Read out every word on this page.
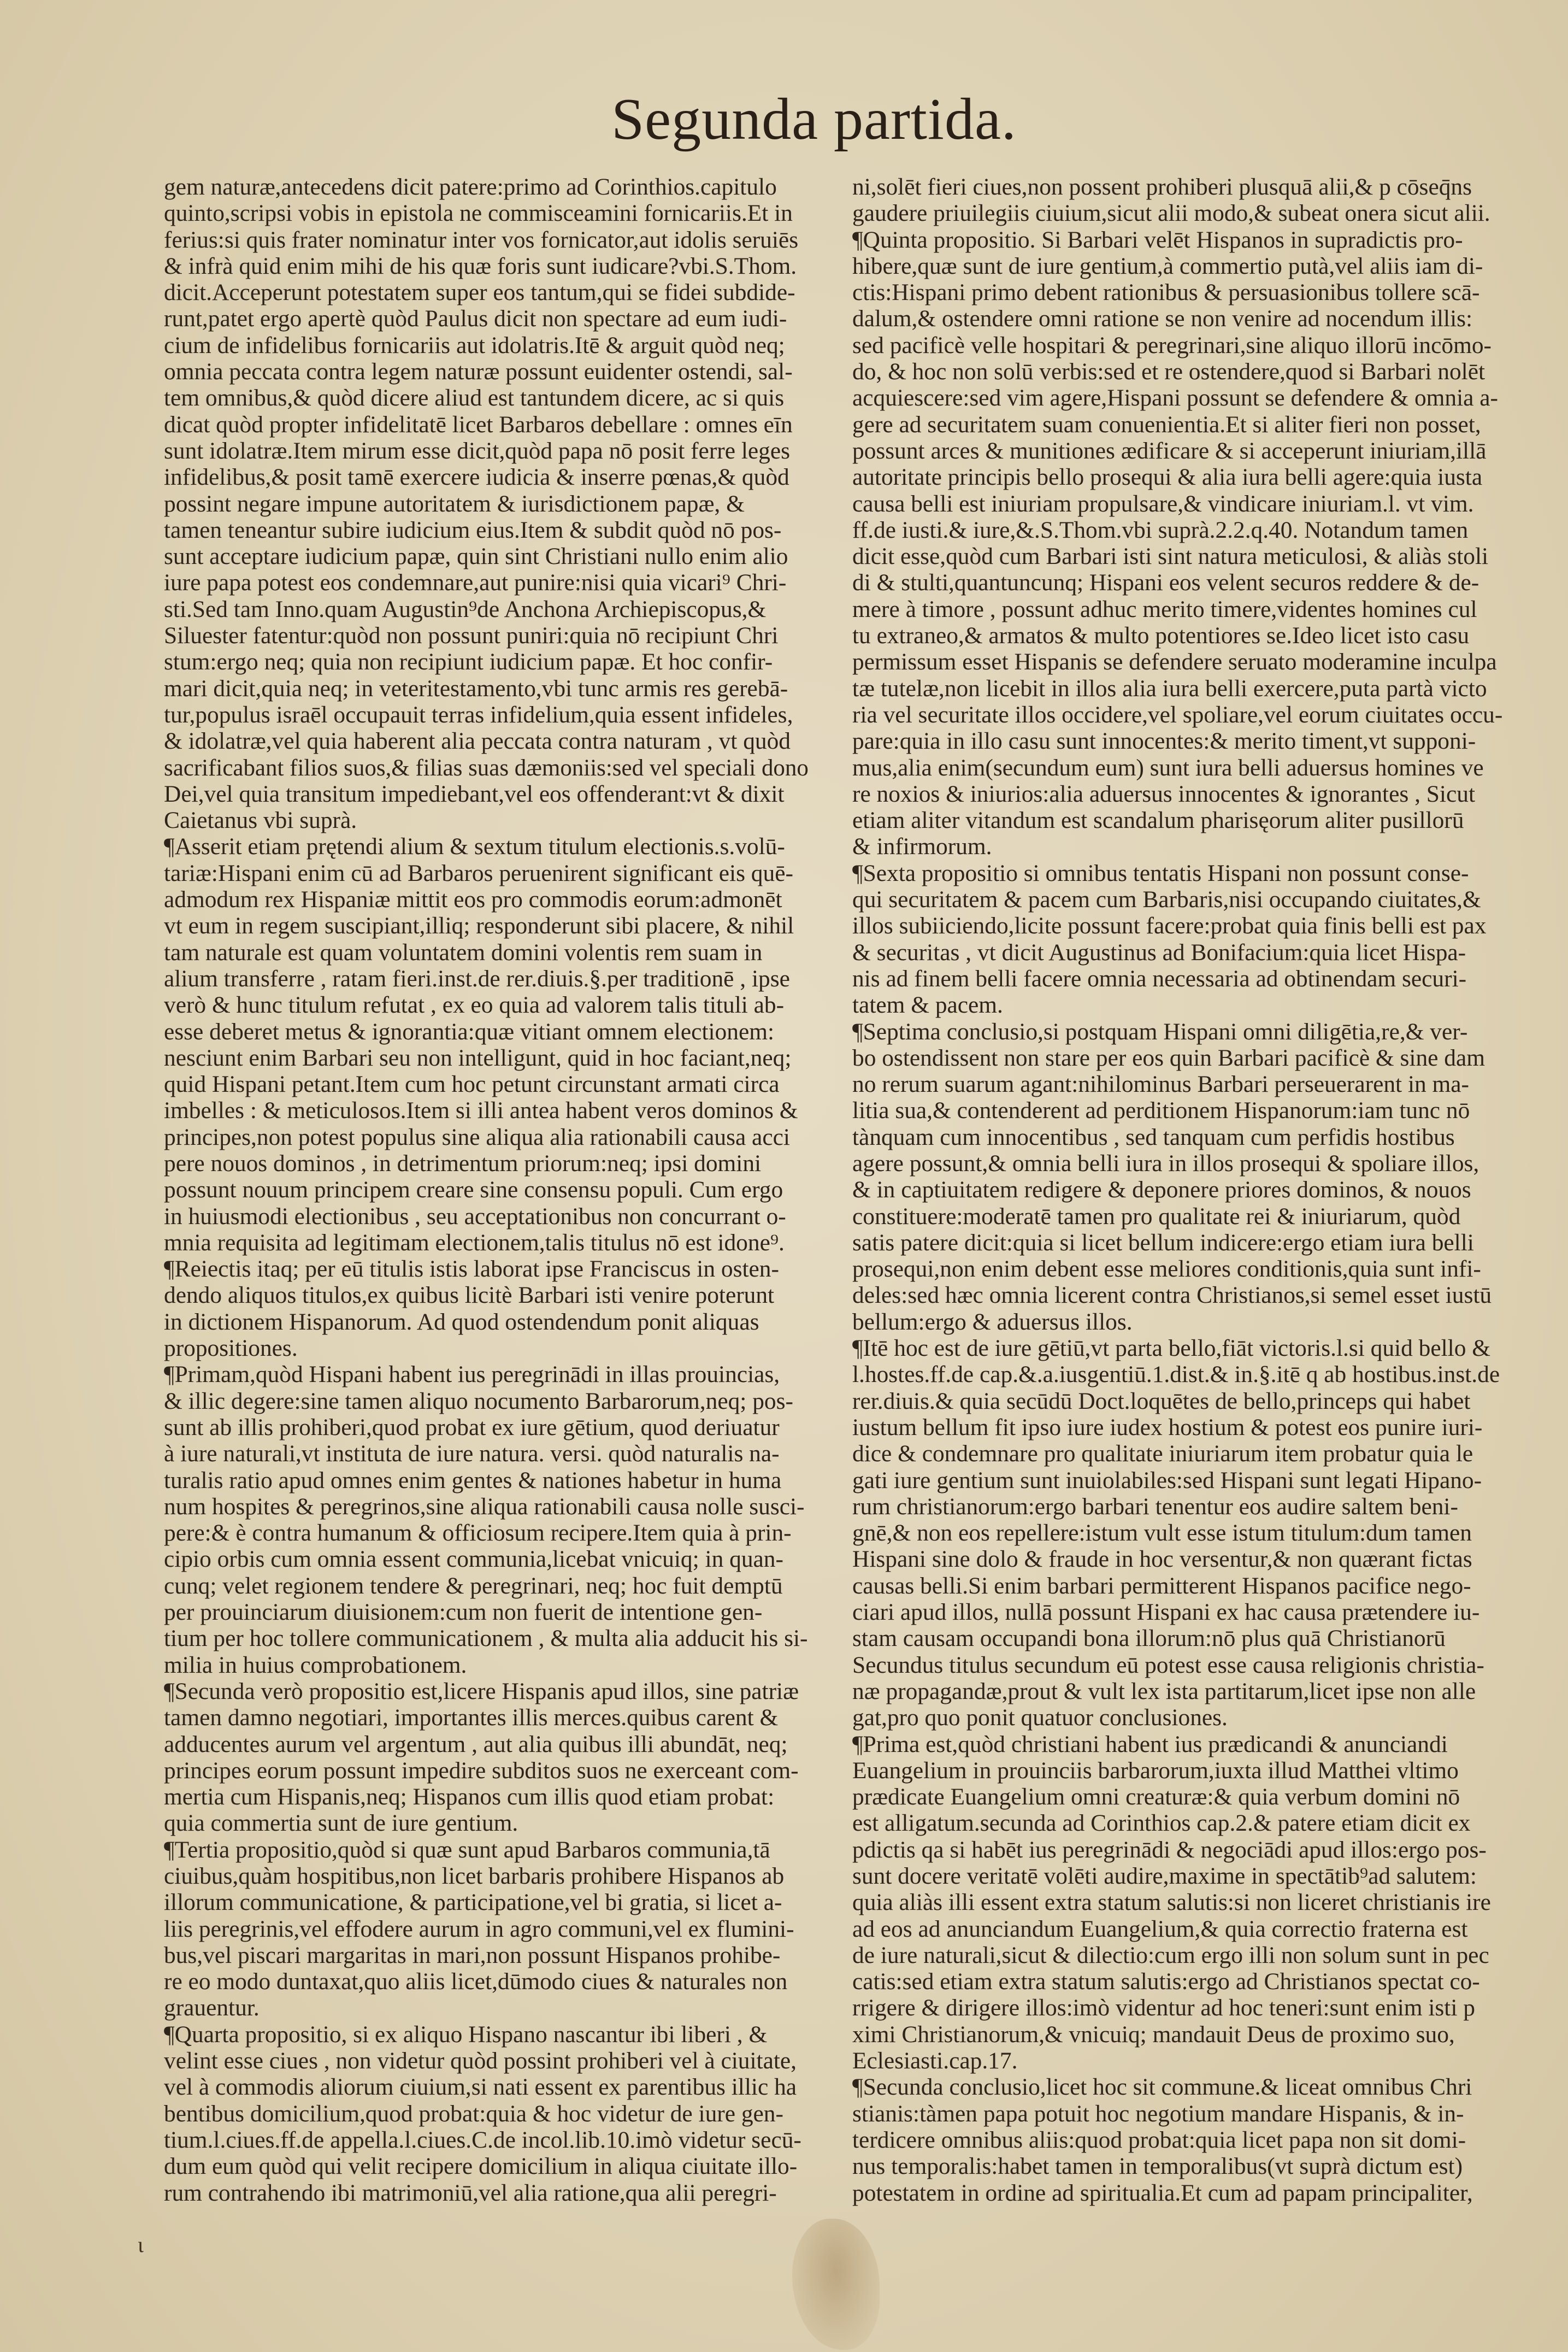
Segunda partida.
gem naturæ,antecedens dicit patere:primo ad Corinthios.capitulo
quinto,scripsi vobis in epistola ne commisceamini fornicariis.Et in
ferius:si quis frater nominatur inter vos fornicator,aut idolis seruiēs
& infrà quid enim mihi de his quæ foris sunt iudicare?vbi.S.Thom.
dicit.Acceperunt potestatem super eos tantum,qui se fidei subdide-
runt,patet ergo apertè quòd Paulus dicit non spectare ad eum iudi-
cium de infidelibus fornicariis aut idolatris.Itē & arguit quòd neq;
omnia peccata contra legem naturæ possunt euidenter ostendi, sal-
tem omnibus,& quòd dicere aliud est tantundem dicere, ac si quis
dicat quòd propter infidelitatē licet Barbaros debellare : omnes eīn
sunt idolatræ.Item mirum esse dicit,quòd papa nō posit ferre leges
infidelibus,& posit tamē exercere iudicia & inserre pœnas,& quòd
possint negare impune autoritatem & iurisdictionem papæ, &
tamen teneantur subire iudicium eius.Item & subdit quòd nō pos-
sunt acceptare iudicium papæ, quin sint Christiani nullo enim alio
iure papa potest eos condemnare,aut punire:nisi quia vicari⁹ Chri-
sti.Sed tam Inno.quam Augustin⁹de Anchona Archiepiscopus,&
Siluester fatentur:quòd non possunt puniri:quia nō recipiunt Chri
stum:ergo neq; quia non recipiunt iudicium papæ. Et hoc confir-
mari dicit,quia neq; in veteritestamento,vbi tunc armis res gerebā-
tur,populus israēl occupauit terras infidelium,quia essent infideles,
& idolatræ,vel quia haberent alia peccata contra naturam , vt quòd
sacrificabant filios suos,& filias suas dæmoniis:sed vel speciali dono
Dei,vel quia transitum impediebant,vel eos offenderant:vt & dixit
Caietanus vbi suprà.
¶Asserit etiam prętendi alium & sextum titulum electionis.s.volū-
tariæ:Hispani enim cū ad Barbaros peruenirent significant eis quē-
admodum rex Hispaniæ mittit eos pro commodis eorum:admonēt
vt eum in regem suscipiant,illiq; responderunt sibi placere, & nihil
tam naturale est quam voluntatem domini volentis rem suam in
alium transferre , ratam fieri.inst.de rer.diuis.§.per traditionē , ipse
verò & hunc titulum refutat , ex eo quia ad valorem talis tituli ab-
esse deberet metus & ignorantia:quæ vitiant omnem electionem:
nesciunt enim Barbari seu non intelligunt, quid in hoc faciant,neq;
quid Hispani petant.Item cum hoc petunt circunstant armati circa
imbelles : & meticulosos.Item si illi antea habent veros dominos &
principes,non potest populus sine aliqua alia rationabili causa acci
pere nouos dominos , in detrimentum priorum:neq; ipsi domini
possunt nouum principem creare sine consensu populi. Cum ergo
in huiusmodi electionibus , seu acceptationibus non concurrant o-
mnia requisita ad legitimam electionem,talis titulus nō est idone⁹.
¶Reiectis itaq; per eū titulis istis laborat ipse Franciscus in osten-
dendo aliquos titulos,ex quibus licitè Barbari isti venire poterunt
in dictionem Hispanorum. Ad quod ostendendum ponit aliquas
propositiones.
¶Primam,quòd Hispani habent ius peregrinādi in illas prouincias,
& illic degere:sine tamen aliquo nocumento Barbarorum,neq; pos-
sunt ab illis prohiberi,quod probat ex iure gētium, quod deriuatur
à iure naturali,vt instituta de iure natura. versi. quòd naturalis na-
turalis ratio apud omnes enim gentes & nationes habetur in huma
num hospites & peregrinos,sine aliqua rationabili causa nolle susci-
pere:& è contra humanum & officiosum recipere.Item quia à prin-
cipio orbis cum omnia essent communia,licebat vnicuiq; in quan-
cunq; velet regionem tendere & peregrinari, neq; hoc fuit demptū
per prouinciarum diuisionem:cum non fuerit de intentione gen-
tium per hoc tollere communicationem , & multa alia adducit his si-
milia in huius comprobationem.
¶Secunda verò propositio est,licere Hispanis apud illos, sine patriæ
tamen damno negotiari, importantes illis merces.quibus carent &
adducentes aurum vel argentum , aut alia quibus illi abundāt, neq;
principes eorum possunt impedire subditos suos ne exerceant com-
mertia cum Hispanis,neq; Hispanos cum illis quod etiam probat:
quia commertia sunt de iure gentium.
¶Tertia propositio,quòd si quæ sunt apud Barbaros communia,tā
ciuibus,quàm hospitibus,non licet barbaris prohibere Hispanos ab
illorum communicatione, & participatione,vel bi gratia, si licet a-
liis peregrinis,vel effodere aurum in agro communi,vel ex flumini-
bus,vel piscari margaritas in mari,non possunt Hispanos prohibe-
re eo modo duntaxat,quo aliis licet,dūmodo ciues & naturales non
grauentur.
¶Quarta propositio, si ex aliquo Hispano nascantur ibi liberi , &
velint esse ciues , non videtur quòd possint prohiberi vel à ciuitate,
vel à commodis aliorum ciuium,si nati essent ex parentibus illic ha
bentibus domicilium,quod probat:quia & hoc videtur de iure gen-
tium.l.ciues.ff.de appella.l.ciues.C.de incol.lib.10.imò videtur secū-
dum eum quòd qui velit recipere domicilium in aliqua ciuitate illo-
rum contrahendo ibi matrimoniū,vel alia ratione,qua alii peregri-
ni,solēt fieri ciues,non possent prohiberi plusquā alii,& p cōseq̄ns
gaudere priuilegiis ciuium,sicut alii modo,& subeat onera sicut alii.
¶Quinta propositio. Si Barbari velēt Hispanos in supradictis pro-
hibere,quæ sunt de iure gentium,à commertio putà,vel aliis iam di-
ctis:Hispani primo debent rationibus & persuasionibus tollere scā-
dalum,& ostendere omni ratione se non venire ad nocendum illis:
sed pacificè velle hospitari & peregrinari,sine aliquo illorū incōmo-
do, & hoc non solū verbis:sed et re ostendere,quod si Barbari nolēt
acquiescere:sed vim agere,Hispani possunt se defendere & omnia a-
gere ad securitatem suam conuenientia.Et si aliter fieri non posset,
possunt arces & munitiones ædificare & si acceperunt iniuriam,illā
autoritate principis bello prosequi & alia iura belli agere:quia iusta
causa belli est iniuriam propulsare,& vindicare iniuriam.l. vt vim.
ff.de iusti.& iure,&.S.Thom.vbi suprà.2.2.q.40. Notandum tamen
dicit esse,quòd cum Barbari isti sint natura meticulosi, & aliàs stoli
di & stulti,quantuncunq; Hispani eos velent securos reddere & de-
mere à timore , possunt adhuc merito timere,videntes homines cul
tu extraneo,& armatos & multo potentiores se.Ideo licet isto casu
permissum esset Hispanis se defendere seruato moderamine inculpa
tæ tutelæ,non licebit in illos alia iura belli exercere,puta partà victo
ria vel securitate illos occidere,vel spoliare,vel eorum ciuitates occu-
pare:quia in illo casu sunt innocentes:& merito timent,vt supponi-
mus,alia enim(secundum eum) sunt iura belli aduersus homines ve
re noxios & iniurios:alia aduersus innocentes & ignorantes , Sicut
etiam aliter vitandum est scandalum pharisęorum aliter pusillorū
& infirmorum.
¶Sexta propositio si omnibus tentatis Hispani non possunt conse-
qui securitatem & pacem cum Barbaris,nisi occupando ciuitates,&
illos subiiciendo,licite possunt facere:probat quia finis belli est pax
& securitas , vt dicit Augustinus ad Bonifacium:quia licet Hispa-
nis ad finem belli facere omnia necessaria ad obtinendam securi-
tatem & pacem.
¶Septima conclusio,si postquam Hispani omni diligētia,re,& ver-
bo ostendissent non stare per eos quin Barbari pacificè & sine dam
no rerum suarum agant:nihilominus Barbari perseuerarent in ma-
litia sua,& contenderent ad perditionem Hispanorum:iam tunc nō
tànquam cum innocentibus , sed tanquam cum perfidis hostibus
agere possunt,& omnia belli iura in illos prosequi & spoliare illos,
& in captiuitatem redigere & deponere priores dominos, & nouos
constituere:moderatē tamen pro qualitate rei & iniuriarum, quòd
satis patere dicit:quia si licet bellum indicere:ergo etiam iura belli
prosequi,non enim debent esse meliores conditionis,quia sunt infi-
deles:sed hæc omnia licerent contra Christianos,si semel esset iustū
bellum:ergo & aduersus illos.
¶Itē hoc est de iure gētiū,vt parta bello,fiāt victoris.l.si quid bello &
l.hostes.ff.de cap.&.a.iusgentiū.1.dist.& in.§.itē q ab hostibus.inst.de
rer.diuis.& quia secūdū Doct.loquētes de bello,princeps qui habet
iustum bellum fit ipso iure iudex hostium & potest eos punire iuri-
dice & condemnare pro qualitate iniuriarum item probatur quia le
gati iure gentium sunt inuiolabiles:sed Hispani sunt legati Hipano-
rum christianorum:ergo barbari tenentur eos audire saltem beni-
gnē,& non eos repellere:istum vult esse istum titulum:dum tamen
Hispani sine dolo & fraude in hoc versentur,& non quærant fictas
causas belli.Si enim barbari permitterent Hispanos pacifice nego-
ciari apud illos, nullā possunt Hispani ex hac causa prætendere iu-
stam causam occupandi bona illorum:nō plus quā Christianorū
Secundus titulus secundum eū potest esse causa religionis christia-
næ propagandæ,prout & vult lex ista partitarum,licet ipse non alle
gat,pro quo ponit quatuor conclusiones.
¶Prima est,quòd christiani habent ius prædicandi & anunciandi
Euangelium in prouinciis barbarorum,iuxta illud Matthei vltimo
prædicate Euangelium omni creaturæ:& quia verbum domini nō
est alligatum.secunda ad Corinthios cap.2.& patere etiam dicit ex
pdictis qa si habēt ius peregrinādi & negociādi apud illos:ergo pos-
sunt docere veritatē volēti audire,maxime in spectātib⁹ad salutem:
quia aliàs illi essent extra statum salutis:si non liceret christianis ire
ad eos ad anunciandum Euangelium,& quia correctio fraterna est
de iure naturali,sicut & dilectio:cum ergo illi non solum sunt in pec
catis:sed etiam extra statum salutis:ergo ad Christianos spectat co-
rrigere & dirigere illos:imò videntur ad hoc teneri:sunt enim isti p
ximi Christianorum,& vnicuiq; mandauit Deus de proximo suo,
Eclesiasti.cap.17.
¶Secunda conclusio,licet hoc sit commune.& liceat omnibus Chri
stianis:tàmen papa potuit hoc negotium mandare Hispanis, & in-
terdicere omnibus aliis:quod probat:quia licet papa non sit domi-
nus temporalis:habet tamen in temporalibus(vt suprà dictum est)
potestatem in ordine ad spiritualia.Et cum ad papam principaliter,
ι
